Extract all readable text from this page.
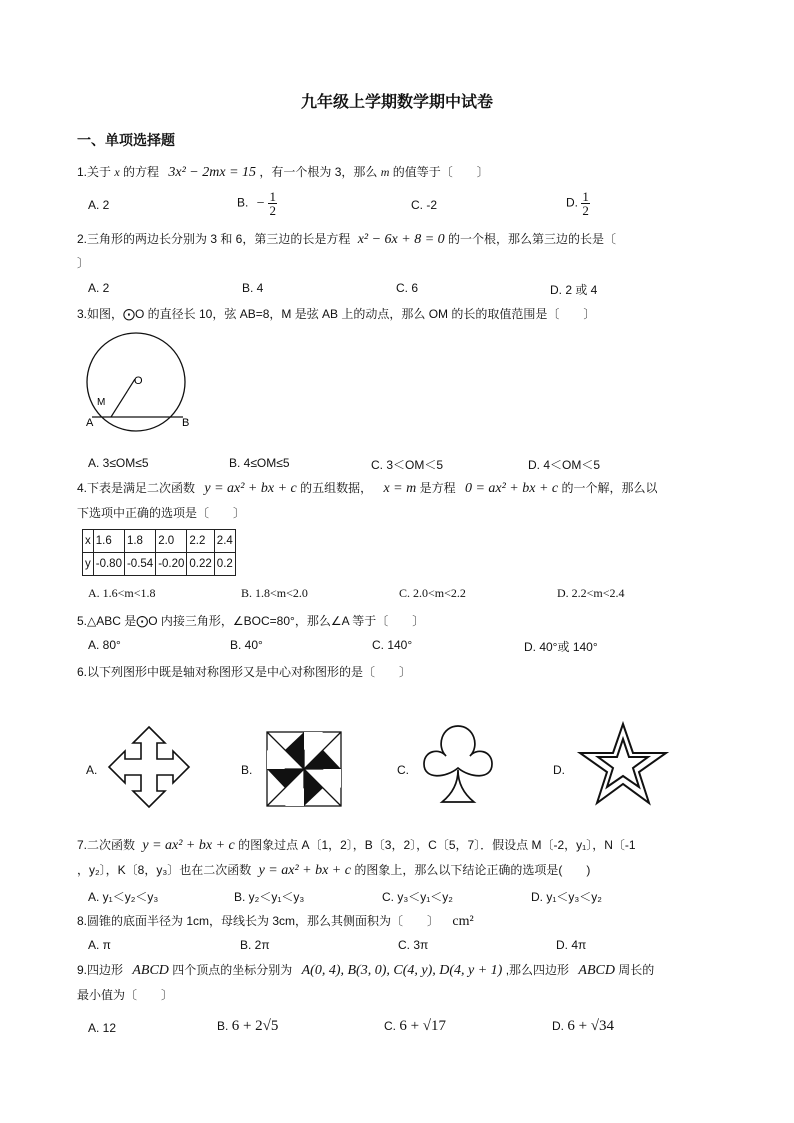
九年级上学期数学期中试卷
一、单项选择题
1.关于 x 的方程 3x² − 2mx = 15 ，有一个根为 3，那么 m 的值等于〔　　〕
A. 2	B. − $\frac{1}{2}$	C. -2	D. $\frac{1}{2}$
2.三角形的两边长分别为 3 和 6，第三边的长是方程 x² − 6x + 8 = 0 的一个根，那么第三边的长是〔
〕
A. 2	B. 4	C. 6	D. 2 或 4
3.如图，⨀O 的直径长 10，弦 AB=8，M 是弦 AB 上的动点，那么 OM 的长的取值范围是〔　　〕
O
M
A	B
A. 3≤OM≤5	B. 4≤OM≤5	C. 3＜OM＜5	D. 4＜OM＜5
4.下表是满足二次函数 y = ax² + bx + c 的五组数据， x = m 是方程 0 = ax² + bx + c 的一个解，那么以
下选项中正确的选项是〔　　〕
x	1.6	1.8	2.0	2.2	2.4
y	-0.80	-0.54	-0.20	0.22	0.2
A. 1.6<m<1.8	B. 1.8<m<2.0	C. 2.0<m<2.2	D. 2.2<m<2.4
5.△ABC 是⨀O 内接三角形，∠BOC=80°，那么∠A 等于〔　　〕
A. 80°	B. 40°	C. 140°	D. 40°或 140°
6.以下列图形中既是轴对称图形又是中心对称图形的是〔　　〕
A.	B.	C.	D.
7.二次函数 y = ax² + bx + c 的图象过点 A〔1，2〕，B〔3，2〕，C〔5，7〕．假设点 M〔-2，y₁〕，N〔-1
，y₂〕，K〔8，y₃〕也在二次函数 y = ax² + bx + c 的图象上，那么以下结论正确的选项是(　　)
A. y₁＜y₂＜y₃	B. y₂＜y₁＜y₃	C. y₃＜y₁＜y₂	D. y₁＜y₃＜y₂
8.圆锥的底面半径为 1cm，母线长为 3cm，那么其侧面积为〔　　〕 cm²
A. π	B. 2π	C. 3π	D. 4π
9.四边形 ABCD 四个顶点的坐标分别为 A(0, 4), B(3, 0), C(4, y), D(4, y + 1) ,那么四边形 ABCD 周长的
最小值为〔　　〕
A. 12	B. 6 + 2√5	C. 6 + √17	D. 6 + √34
